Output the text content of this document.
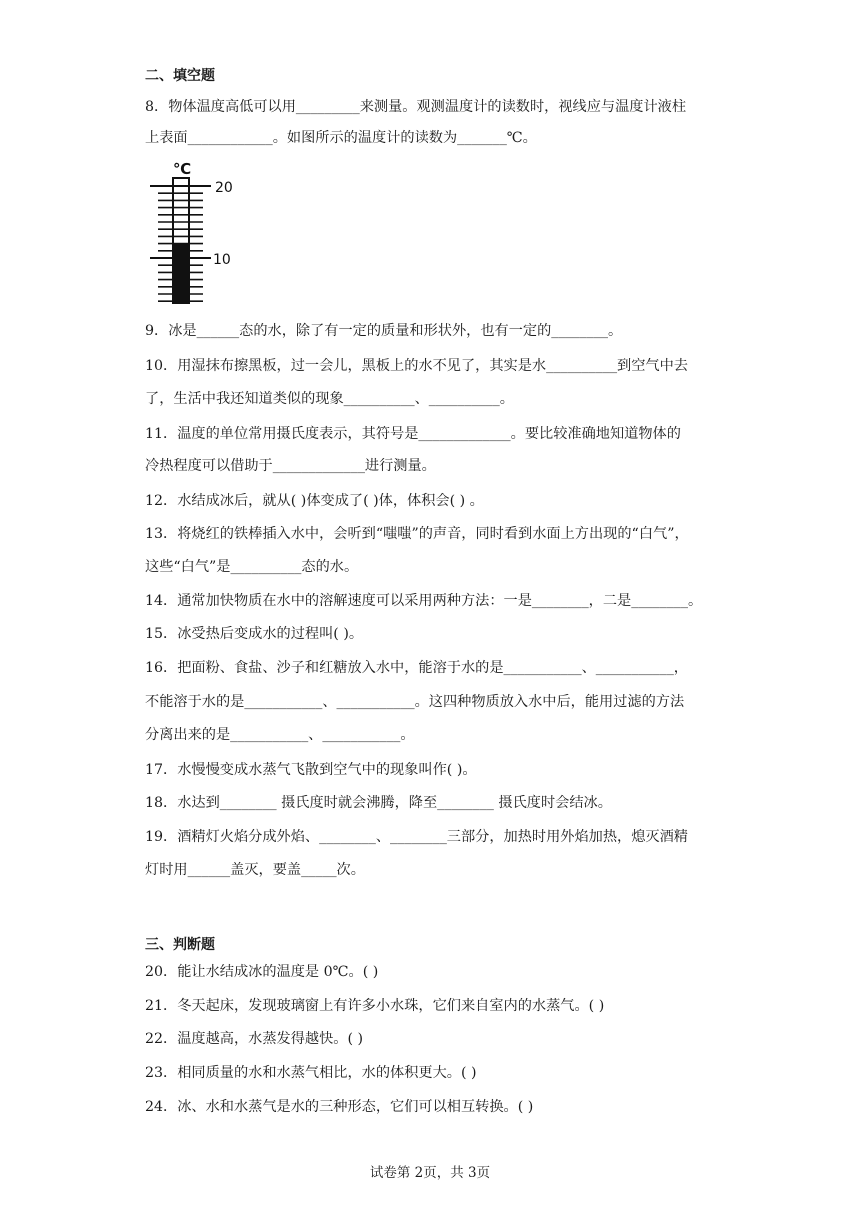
二、填空题
8．物体温度高低可以用_________来测量。观测温度计的读数时，视线应与温度计液柱
上表面____________。如图所示的温度计的读数为_______℃。
℃
20
10
9．冰是______态的水，除了有一定的质量和形状外，也有一定的________。
10．用湿抹布擦黑板，过一会儿，黑板上的水不见了，其实是水__________到空气中去
了，生活中我还知道类似的现象__________、__________。
11．温度的单位常用摄氏度表示，其符号是_____________。要比较准确地知道物体的
冷热程度可以借助于_____________进行测量。
12．水结成冰后，就从( )体变成了( )体，体积会( ) 。
13．将烧红的铁棒插入水中，会听到“嗤嗤”的声音，同时看到水面上方出现的“白气”，
这些“白气”是__________态的水。
14．通常加快物质在水中的溶解速度可以采用两种方法：一是________，二是________。
15．冰受热后变成水的过程叫( )。
16．把面粉、食盐、沙子和红糖放入水中，能溶于水的是___________、___________，
不能溶于水的是___________、___________。这四种物质放入水中后，能用过滤的方法
分离出来的是___________、___________。
17．水慢慢变成水蒸气飞散到空气中的现象叫作( )。
18．水达到________ 摄氏度时就会沸腾，降至________ 摄氏度时会结冰。
19．酒精灯火焰分成外焰、________、________三部分，加热时用外焰加热，熄灭酒精
灯时用______盖灭，要盖_____次。
三、判断题
20．能让水结成冰的温度是 0℃。( )
21．冬天起床，发现玻璃窗上有许多小水珠，它们来自室内的水蒸气。( )
22．温度越高，水蒸发得越快。( )
23．相同质量的水和水蒸气相比，水的体积更大。( )
24．冰、水和水蒸气是水的三种形态，它们可以相互转换。( )
试卷第 2页，共 3页
